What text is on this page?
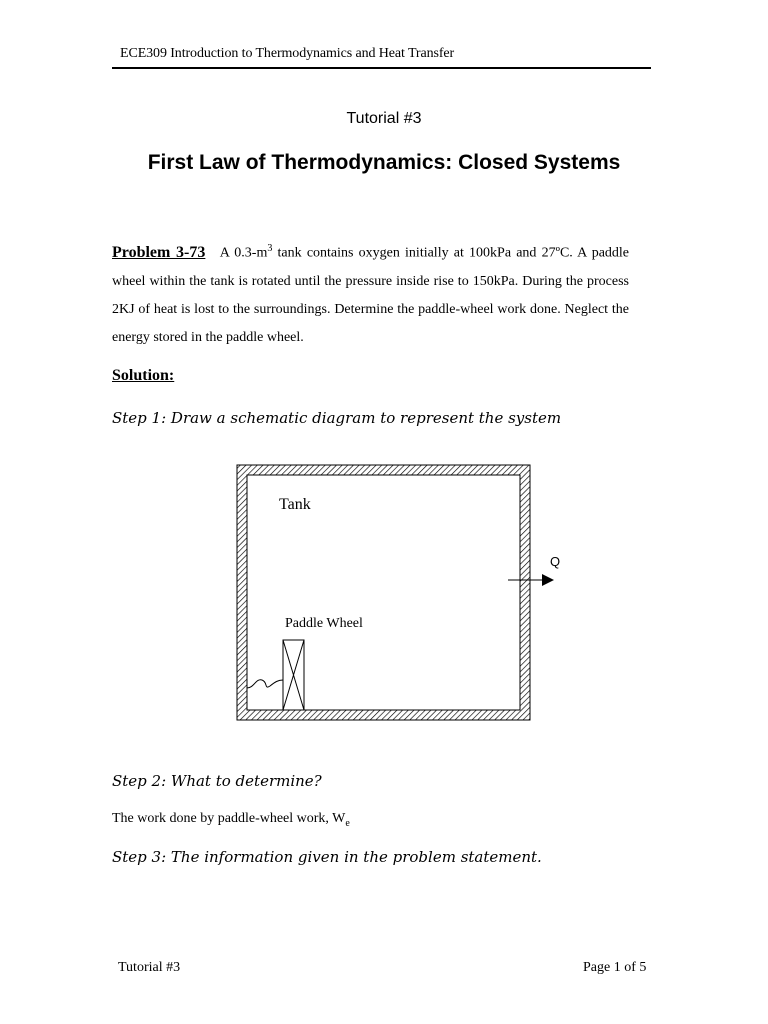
ECE309 Introduction to Thermodynamics and Heat Transfer
Tutorial #3
First Law of Thermodynamics: Closed Systems
Problem 3-73 A $0.3-m^3$ tank contains oxygen initially at 100kPa and 27ºC. A paddle wheel within the tank is rotated until the pressure inside rise to 150kPa. During the process 2KJ of heat is lost to the surroundings. Determine the paddle-wheel work done. Neglect the energy stored in the paddle wheel.
Solution:
Step 1: Draw a schematic diagram to represent the system
Tank
Paddle Wheel
Q
Step 2: What to determine?
The work done by paddle-wheel work, $W_e$
Step 3: The information given in the problem statement.
Tutorial #3	Page 1 of 5
